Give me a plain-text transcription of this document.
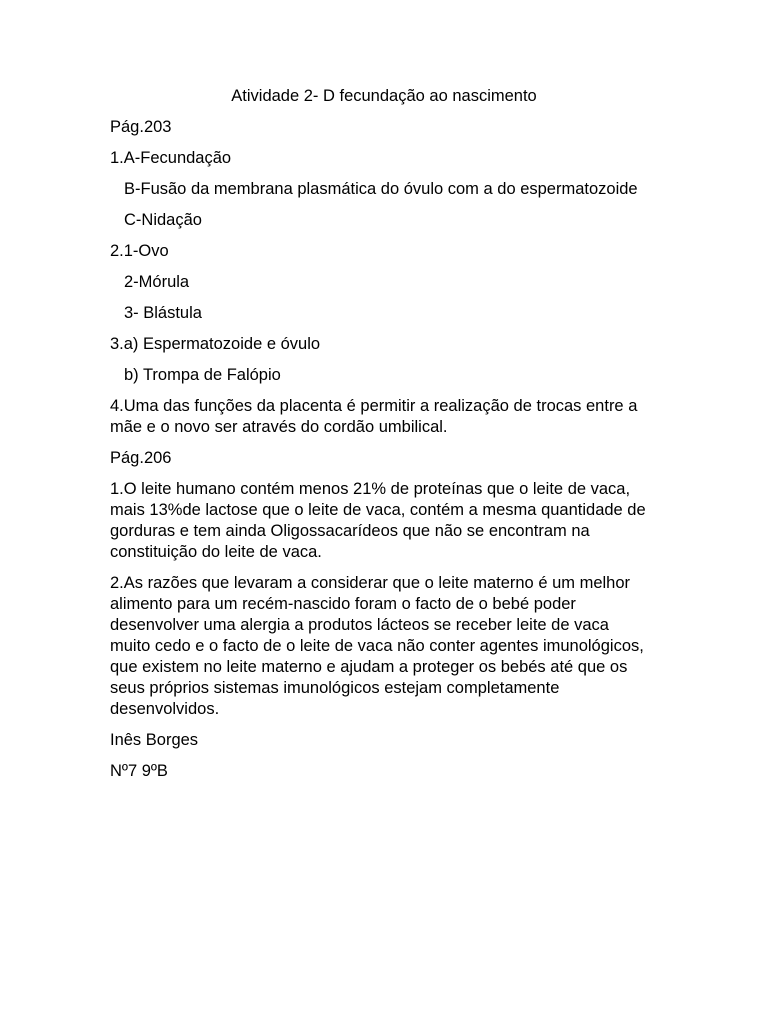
Atividade 2- D fecundação ao nascimento
Pág.203
1.A-Fecundação
B-Fusão da membrana plasmática do óvulo com a do espermatozoide
C-Nidação
2.1-Ovo
2-Mórula
3- Blástula
3.a) Espermatozoide e óvulo
b) Trompa de Falópio
4.Uma das funções da placenta é permitir a realização de trocas entre a mãe e o novo ser através do cordão umbilical.
Pág.206
1.O leite humano contém menos 21% de proteínas que o leite de vaca, mais 13%de lactose que o leite de vaca, contém a mesma quantidade de gorduras e tem ainda Oligossacarídeos que não se encontram na constituição do leite de vaca.
2.As razões que levaram a considerar que o leite materno é um melhor alimento para um recém-nascido foram o facto de o bebé poder desenvolver uma alergia a produtos lácteos se receber leite de vaca muito cedo e o facto de o leite de vaca não conter agentes imunológicos, que existem no leite materno e ajudam a proteger os bebés até que os seus próprios sistemas imunológicos estejam completamente desenvolvidos.
Inês Borges
Nº7 9ºB
